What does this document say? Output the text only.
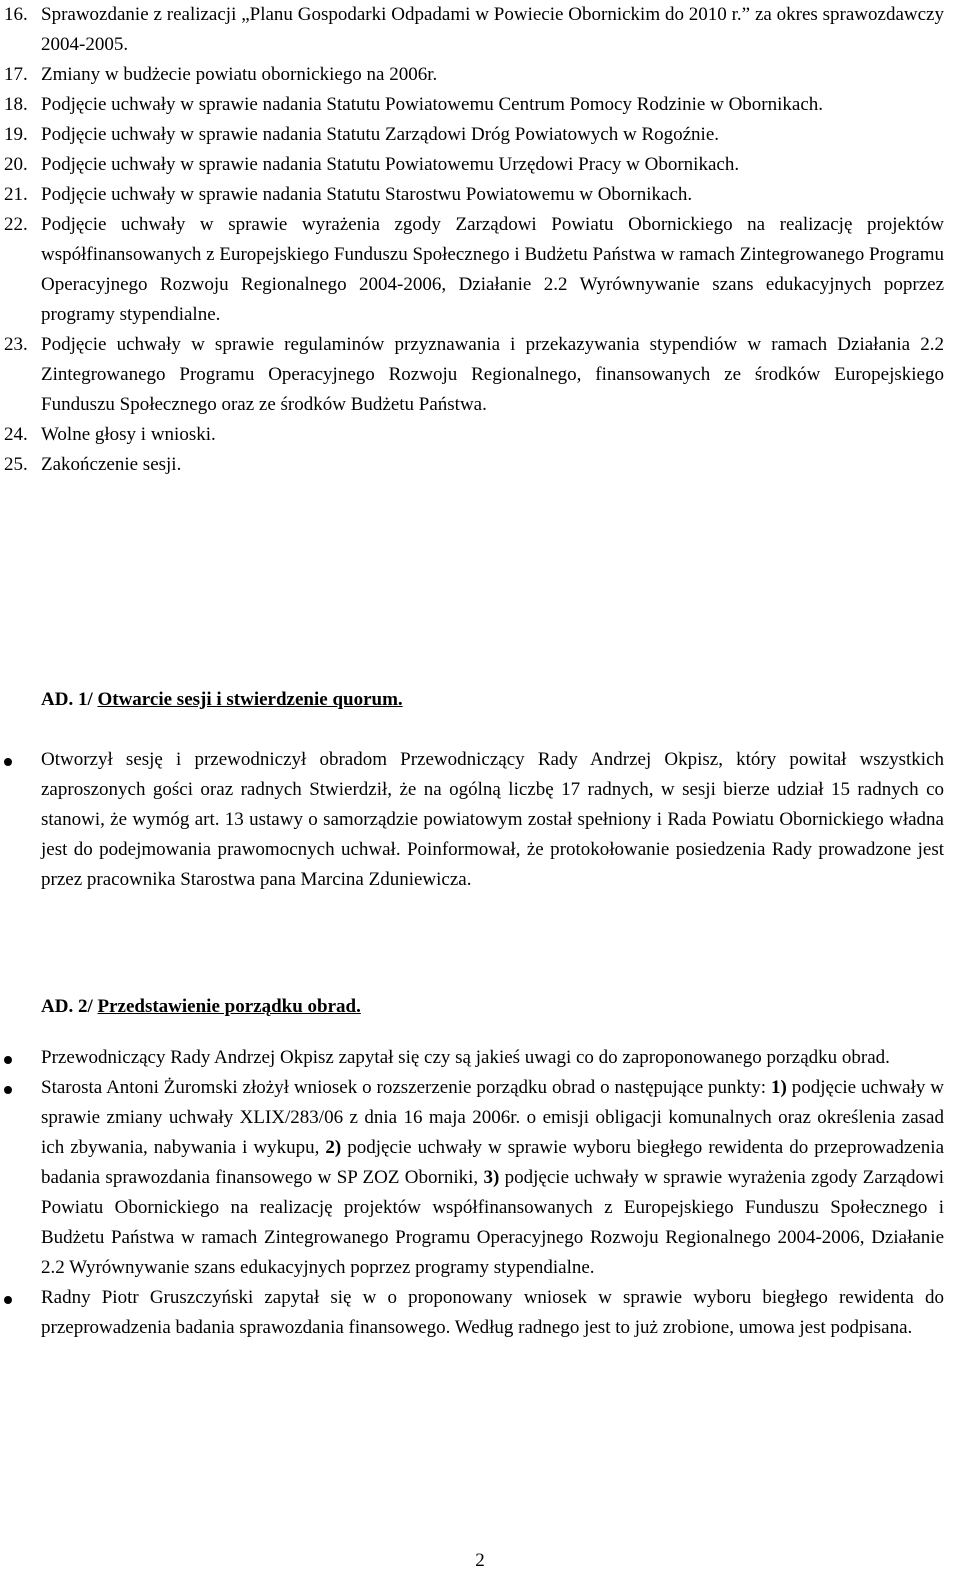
16. Sprawozdanie z realizacji „Planu Gospodarki Odpadami w Powiecie Obornickim do 2010 r.” za okres sprawozdawczy 2004-2005.
17. Zmiany w budżecie powiatu obornickiego na 2006r.
18. Podjęcie uchwały w sprawie nadania Statutu Powiatowemu Centrum Pomocy Rodzinie w Obornikach.
19. Podjęcie uchwały w sprawie nadania Statutu Zarządowi Dróg Powiatowych w Rogoźnie.
20. Podjęcie uchwały w sprawie nadania Statutu Powiatowemu Urzędowi Pracy w Obornikach.
21. Podjęcie uchwały w sprawie nadania Statutu Starostwu Powiatowemu w Obornikach.
22. Podjęcie uchwały w sprawie wyrażenia zgody Zarządowi Powiatu Obornickiego na realizację projektów współfinansowanych z Europejskiego Funduszu Społecznego i Budżetu Państwa w ramach Zintegrowanego Programu Operacyjnego Rozwoju Regionalnego 2004-2006, Działanie 2.2 Wyrównywanie szans edukacyjnych poprzez programy stypendialne.
23. Podjęcie uchwały w sprawie regulaminów przyznawania i przekazywania stypendiów w ramach Działania 2.2 Zintegrowanego Programu Operacyjnego Rozwoju Regionalnego, finansowanych ze środków Europejskiego Funduszu Społecznego oraz ze środków Budżetu Państwa.
24. Wolne głosy i wnioski.
25. Zakończenie sesji.
AD. 1/ Otwarcie sesji i stwierdzenie quorum.
Otworzył sesję i przewodniczył obradom Przewodniczący Rady Andrzej Okpisz, który powitał wszystkich zaproszonych gości oraz radnych Stwierdził, że na ogólną liczbę 17 radnych, w sesji bierze udział 15 radnych co stanowi, że wymóg art. 13 ustawy o samorządzie powiatowym został spełniony i Rada Powiatu Obornickiego władna jest do podejmowania prawomocnych uchwał. Poinformował, że protokołowanie posiedzenia Rady prowadzone jest przez pracownika Starostwa pana Marcina Zduniewicza.
AD. 2/ Przedstawienie porządku obrad.
Przewodniczący Rady Andrzej Okpisz zapytał się czy są jakieś uwagi co do zaproponowanego porządku obrad.
Starosta Antoni Żuromski złożył wniosek o rozszerzenie porządku obrad o następujące punkty: 1) podjęcie uchwały w sprawie zmiany uchwały XLIX/283/06 z dnia 16 maja 2006r. o emisji obligacji komunalnych oraz określenia zasad ich zbywania, nabywania i wykupu, 2) podjęcie uchwały w sprawie wyboru biegłego rewidenta do przeprowadzenia badania sprawozdania finansowego w SP ZOZ Oborniki, 3) podjęcie uchwały w sprawie wyrażenia zgody Zarządowi Powiatu Obornickiego na realizację projektów współfinansowanych z Europejskiego Funduszu Społecznego i Budżetu Państwa w ramach Zintegrowanego Programu Operacyjnego Rozwoju Regionalnego 2004-2006, Działanie 2.2 Wyrównywanie szans edukacyjnych poprzez programy stypendialne.
Radny Piotr Gruszczyński zapytał się w o proponowany wniosek w sprawie wyboru biegłego rewidenta do przeprowadzenia badania sprawozdania finansowego. Według radnego jest to już zrobione, umowa jest podpisana.
2
